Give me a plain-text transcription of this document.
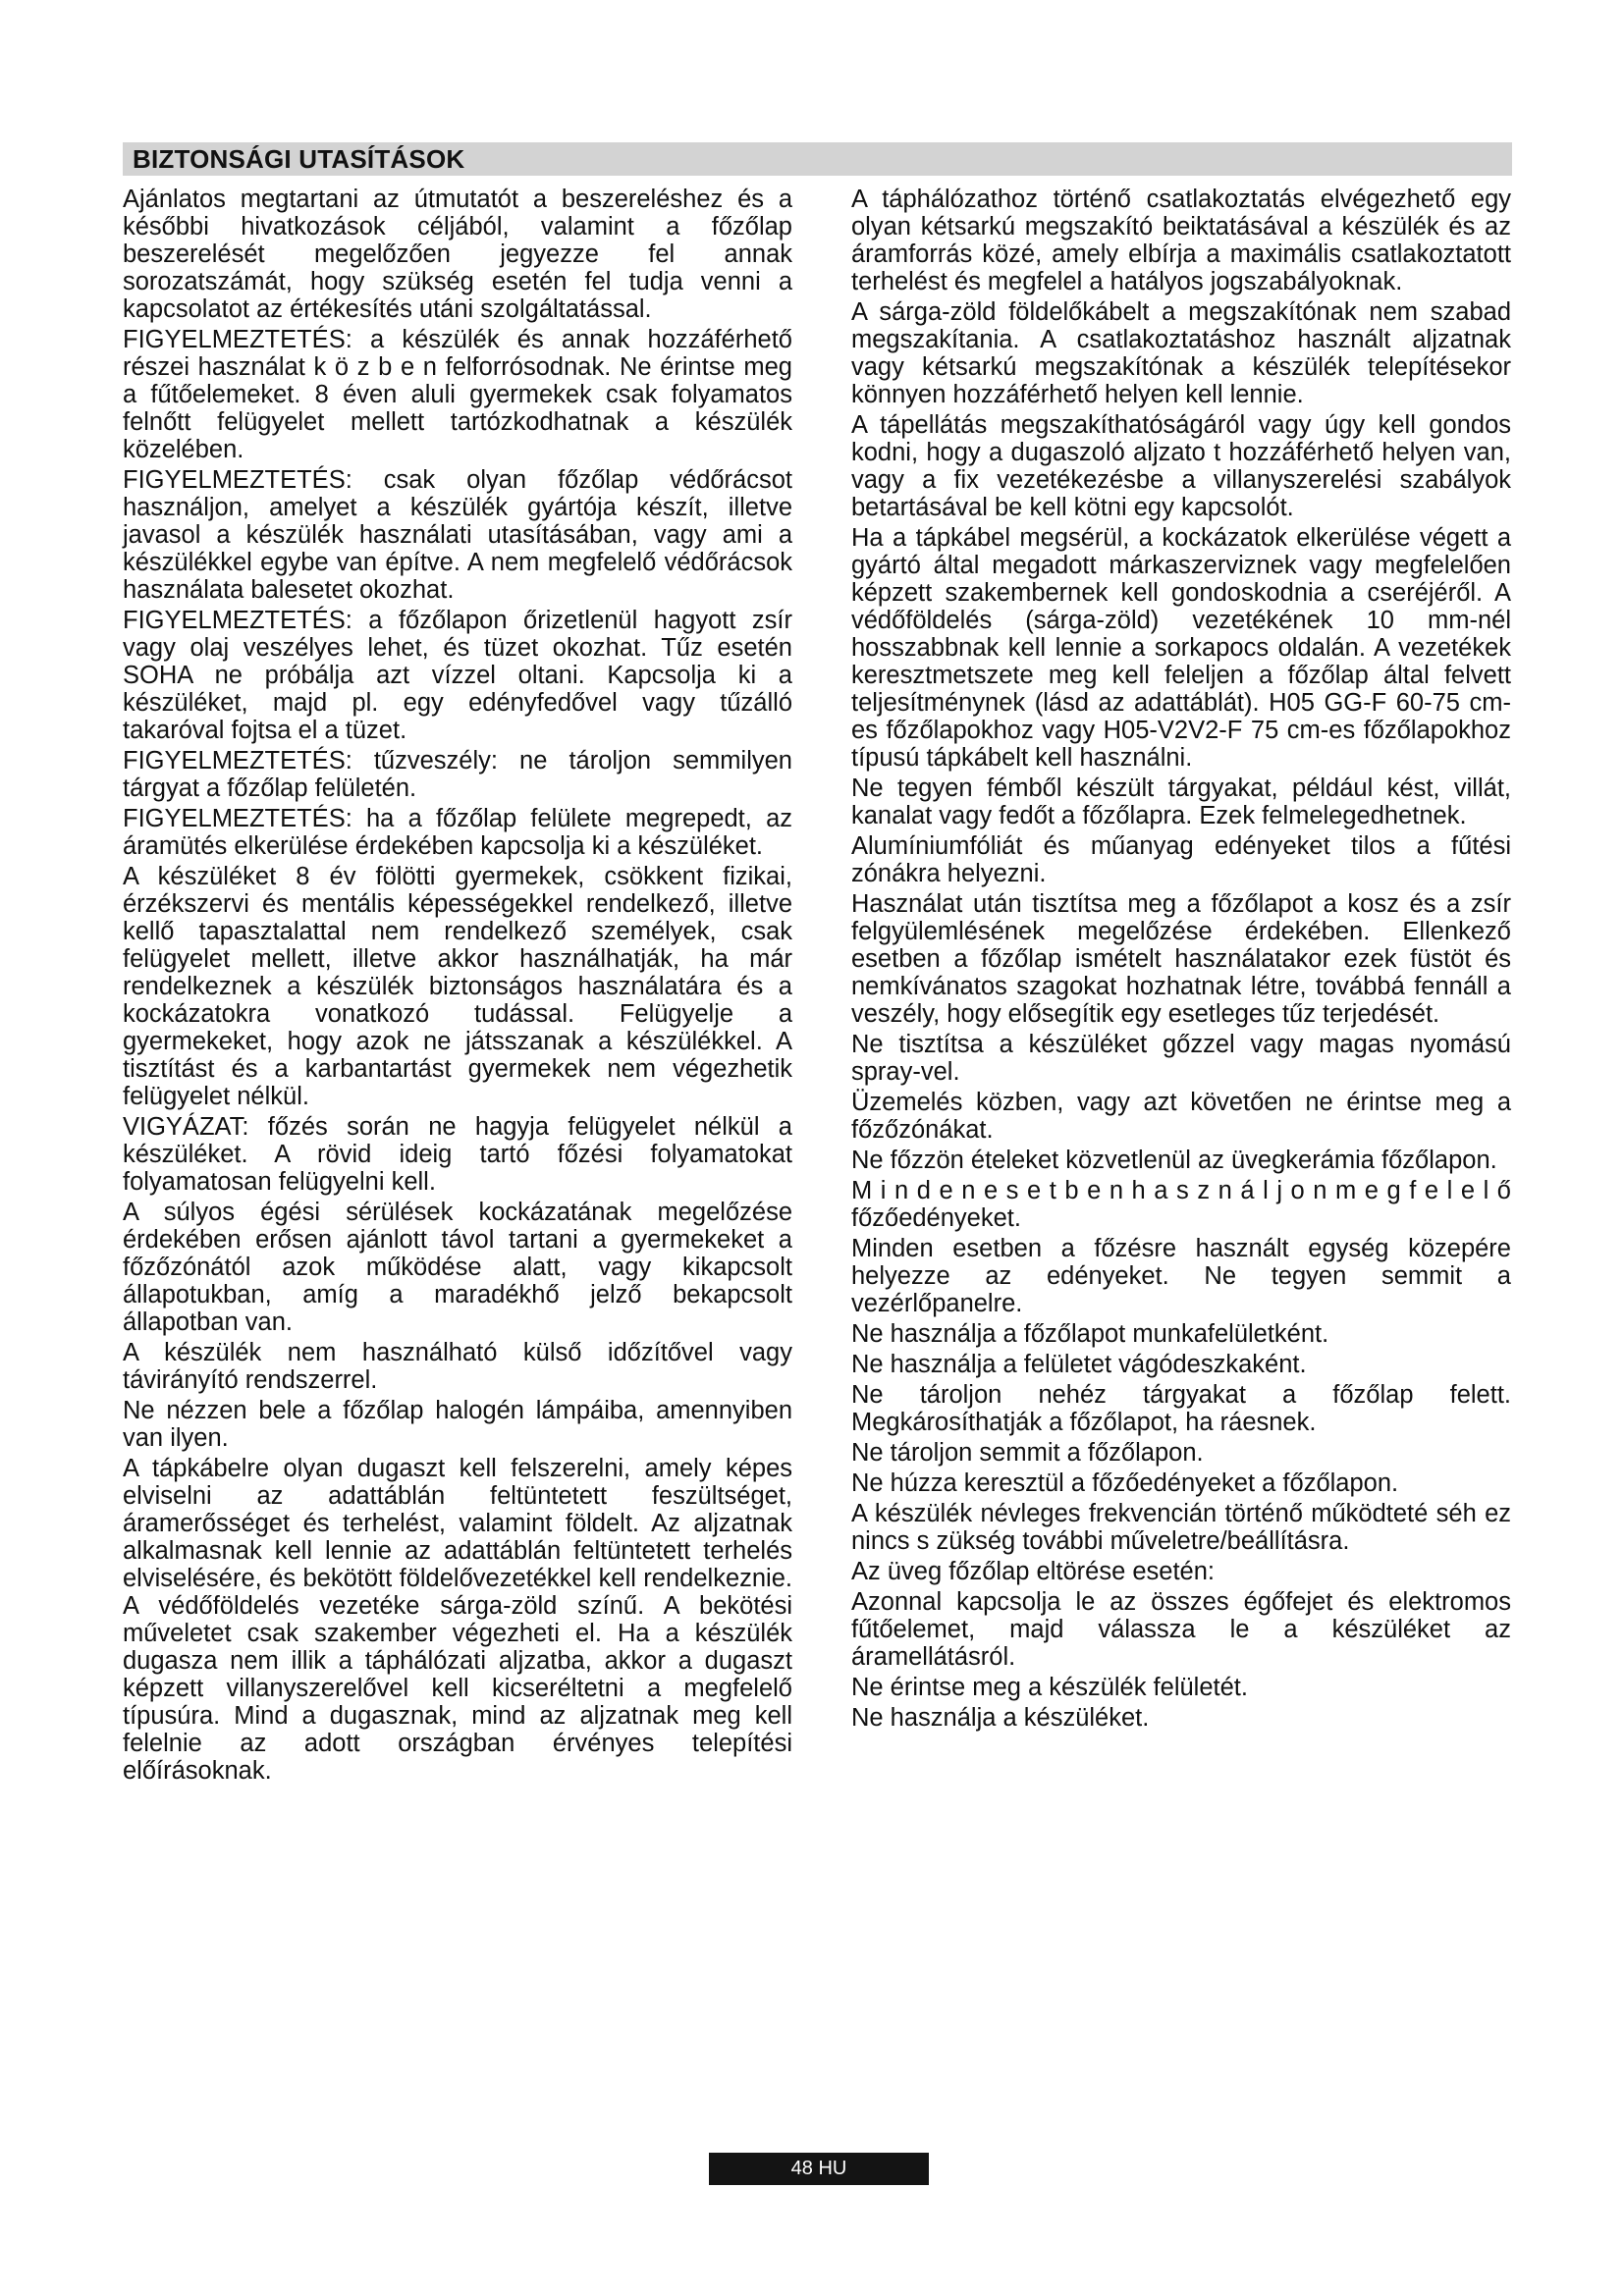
BIZTONSÁGI UTASÍTÁSOK

Ajánlatos megtartani az útmutatót a beszereléshez és a későbbi hivatkozások céljából, valamint a főzőlap beszerelését megelőzően jegyezze fel annak sorozatszámát, hogy szükség esetén fel tudja venni a kapcsolatot az értékesítés utáni szolgáltatással.

FIGYELMEZTETÉS: a készülék és annak hozzáférhető részei használat k ö z b e n felforrósodnak. Ne érintse meg a fűtőelemeket. 8 éven aluli gyermekek csak folyamatos felnőtt felügyelet mellett tartózkodhatnak a készülék közelében.

FIGYELMEZTETÉS: csak olyan főzőlap védőrácsot használjon, amelyet a készülék gyártója készít, illetve javasol a készülék használati utasításában, vagy ami a készülékkel egybe van építve. A nem megfelelő védőrácsok használata balesetet okozhat.

FIGYELMEZTETÉS: a főzőlapon őrizetlenül hagyott zsír vagy olaj veszélyes lehet, és tüzet okozhat. Tűz esetén SOHA ne próbálja azt vízzel oltani. Kapcsolja ki a készüléket, majd pl. egy edényfedővel vagy tűzálló takaróval fojtsa el a tüzet.

FIGYELMEZTETÉS: tűzveszély: ne tároljon semmilyen tárgyat a főzőlap felületén.

FIGYELMEZTETÉS: ha a főzőlap felülete megrepedt, az áramütés elkerülése érdekében kapcsolja ki a készüléket.

A készüléket 8 év fölötti gyermekek, csökkent fizikai, érzékszervi és mentális képességekkel rendelkező, illetve kellő tapasztalattal nem rendelkező személyek, csak felügyelet mellett, illetve akkor használhatják, ha már rendelkeznek a készülék biztonságos használatára és a kockázatokra vonatkozó tudással. Felügyelje a gyermekeket, hogy azok ne játsszanak a készülékkel. A tisztítást és a karbantartást gyermekek nem végezhetik felügyelet nélkül.

VIGYÁZAT: főzés során ne hagyja felügyelet nélkül a készüléket. A rövid ideig tartó főzési folyamatokat folyamatosan felügyelni kell.

A súlyos égési sérülések kockázatának megelőzése érdekében erősen ajánlott távol tartani a gyermekeket a főzőzónától azok működése alatt, vagy kikapcsolt állapotukban, amíg a maradékhő jelző bekapcsolt állapotban van.

A készülék nem használható külső időzítővel vagy távirányító rendszerrel.

Ne nézzen bele a főzőlap halogén lámpáiba, amennyiben van ilyen.

A tápkábelre olyan dugaszt kell felszerelni, amely képes elviselni az adattáblán feltüntetett feszültséget, áramerősséget és terhelést, valamint földelt. Az aljzatnak alkalmasnak kell lennie az adattáblán feltüntetett terhelés elviselésére, és bekötött földelővezetékkel kell rendelkeznie. A védőföldelés vezetéke sárga-zöld színű. A bekötési műveletet csak szakember végezheti el. Ha a készülék dugasza nem illik a táphálózati aljzatba, akkor a dugaszt képzett villanyszerelővel kell kicseréltetni a megfelelő típusúra. Mind a dugasznak, mind az aljzatnak meg kell felelnie az adott országban érvényes telepítési előírásoknak.

A táphálózathoz történő csatlakoztatás elvégezhető egy olyan kétsarkú megszakító beiktatásával a készülék és az áramforrás közé, amely elbírja a maximális csatlakoztatott terhelést és megfelel a hatályos jogszabályoknak.

A sárga-zöld földelőkábelt a megszakítónak nem szabad megszakítania. A csatlakoztatáshoz használt aljzatnak vagy kétsarkú megszakítónak a készülék telepítésekor könnyen hozzáférhető helyen kell lennie.

A tápellátás megszakíthatóságáról vagy úgy kell gondos kodni, hogy a dugaszoló aljzato t hozzáférhető helyen van, vagy a fix vezetékezésbe a villanyszerelési szabályok betartásával be kell kötni egy kapcsolót.

Ha a tápkábel megsérül, a kockázatok elkerülése végett a gyártó által megadott márkaszerviznek vagy megfelelően képzett szakembernek kell gondoskodnia a cseréjéről. A védőföldelés (sárga-zöld) vezetékének 10 mm-nél hosszabbnak kell lennie a sorkapocs oldalán. A vezetékek keresztmetszete meg kell feleljen a főzőlap által felvett teljesítménynek (lásd az adattáblát). H05 GG-F 60-75 cm-es főzőlapokhoz vagy H05-V2V2-F 75 cm-es főzőlapokhoz típusú tápkábelt kell használni.

Ne tegyen fémből készült tárgyakat, például kést, villát, kanalat vagy fedőt a főzőlapra. Ezek felmelegedhetnek.

Alumíniumfóliát és műanyag edényeket tilos a fűtési zónákra helyezni.

Használat után tisztítsa meg a főzőlapot a kosz és a zsír felgyülemlésének megelőzése érdekében. Ellenkező esetben a főzőlap ismételt használatakor ezek füstöt és nemkívánatos szagokat hozhatnak létre, továbbá fennáll a veszély, hogy elősegítik egy esetleges tűz terjedését.

Ne tisztítsa a készüléket gőzzel vagy magas nyomású spray-vel.

Üzemelés közben, vagy azt követően ne érintse meg a főzőzónákat.

Ne főzzön ételeket közvetlenül az üvegkerámia főzőlapon.

M i n d e n e s e t b e n h a s z n á l j o n m e g f e l e l ő főzőedényeket.

Minden esetben a főzésre használt egység közepére helyezze az edényeket. Ne tegyen semmit a vezérlőpanelre.

Ne használja a főzőlapot munkafelületként.

Ne használja a felületet vágódeszkaként.

Ne tároljon nehéz tárgyakat a főzőlap felett. Megkárosíthatják a főzőlapot, ha ráesnek.

Ne tároljon semmit a főzőlapon.

Ne húzza keresztül a főzőedényeket a főzőlapon.

A készülék névleges frekvencián történő működteté séh ez nincs s zükség további műveletre/beállításra.

Az üveg főzőlap eltörése esetén:

Azonnal kapcsolja le az összes égőfejet és elektromos fűtőelemet, majd válassza le a készüléket az áramellátásról.

Ne érintse meg a készülék felületét.

Ne használja a készüléket.

48 HU
